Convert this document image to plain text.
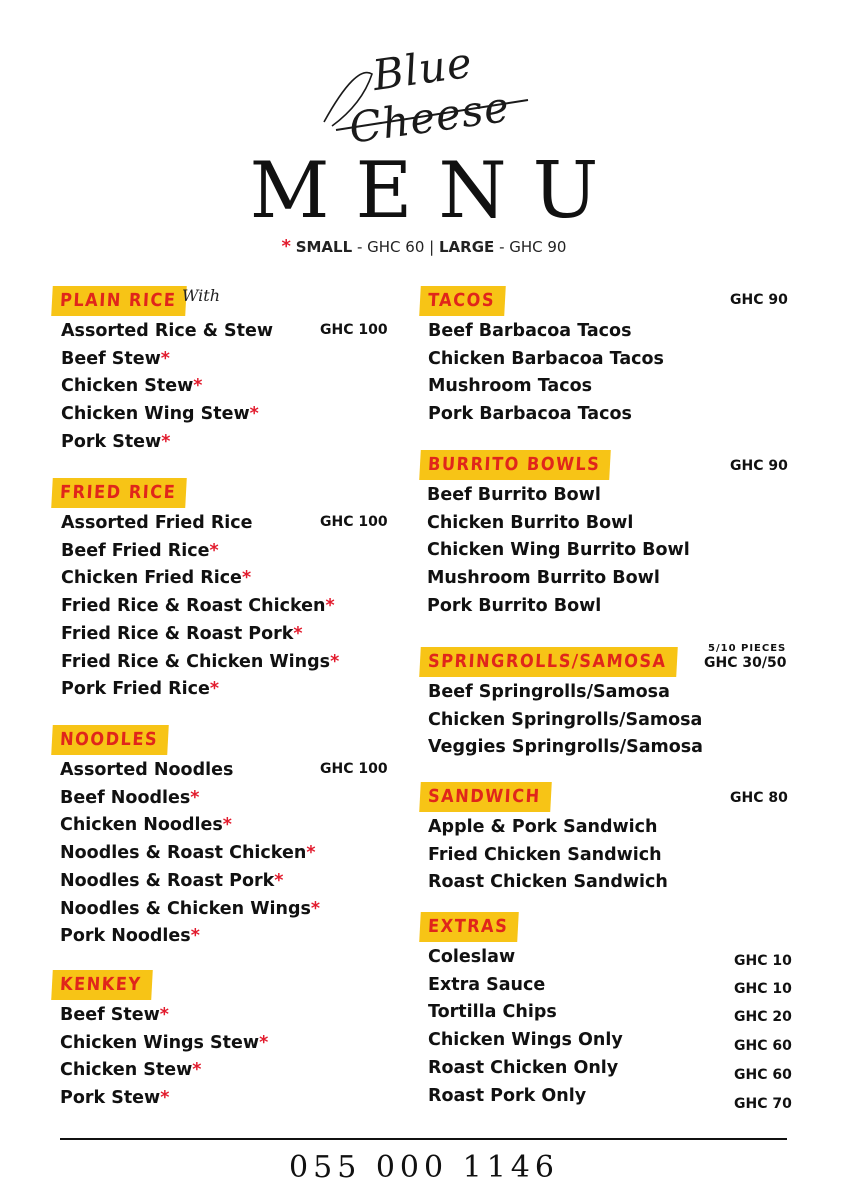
Blue Cheese
MENU
* SMALL - GHC 60 | LARGE - GHC 90
PLAIN RICE With
GHC 100
Assorted Rice & Stew
Beef Stew*
Chicken Stew*
Chicken Wing Stew*
Pork Stew*
FRIED RICE
GHC 100
Assorted Fried Rice
Beef Fried Rice*
Chicken Fried Rice*
Fried Rice & Roast Chicken*
Fried Rice & Roast Pork*
Fried Rice & Chicken Wings*
Pork Fried Rice*
NOODLES
GHC 100
Assorted Noodles
Beef Noodles*
Chicken Noodles*
Noodles & Roast Chicken*
Noodles & Roast Pork*
Noodles & Chicken Wings*
Pork Noodles*
KENKEY
Beef Stew*
Chicken Wings Stew*
Chicken Stew*
Pork Stew*
TACOS	GHC 90
Beef Barbacoa Tacos
Chicken Barbacoa Tacos
Mushroom Tacos
Pork Barbacoa Tacos
BURRITO BOWLS	GHC 90
Beef Burrito Bowl
Chicken Burrito Bowl
Chicken Wing Burrito Bowl
Mushroom Burrito Bowl
Pork Burrito Bowl
SPRINGROLLS/SAMOSA
5/10 PIECES
GHC 30/50
Beef Springrolls/Samosa
Chicken Springrolls/Samosa
Veggies Springrolls/Samosa
SANDWICH	GHC 80
Apple & Pork Sandwich
Fried Chicken Sandwich
Roast Chicken Sandwich
EXTRAS
Coleslaw	GHC 10
Extra Sauce	GHC 10
Tortilla Chips	GHC 20
Chicken Wings Only	GHC 60
Roast Chicken Only	GHC 60
Roast Pork Only	GHC 70
055 000 1146
